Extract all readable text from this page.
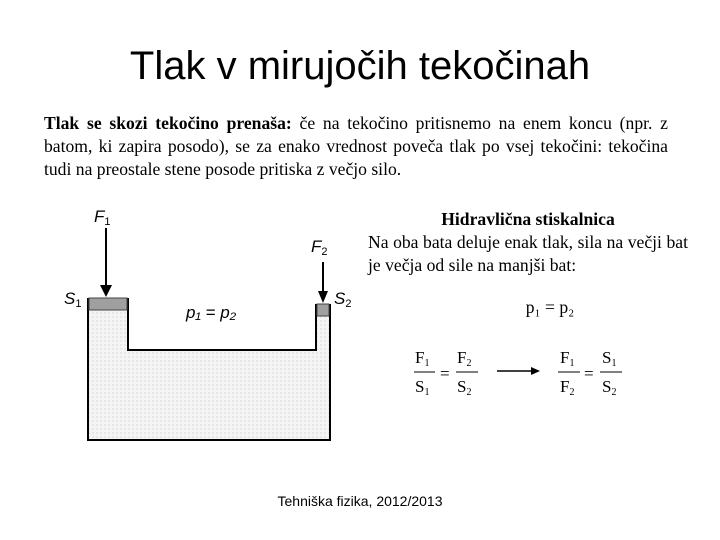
Tlak v mirujočih tekočinah
Tlak se skozi tekočino prenaša: če na tekočino pritisnemo na enem koncu (npr. z batom, ki zapira posodo), se za enako vrednost poveča tlak po vsej tekočini: tekočina tudi na preostale stene posode pritiska z večjo silo.
F1
F2
S1	S2
p₁ = p₂
F1
S1
=
F2
S2
F1
F2
=
S1
S2
Hidravlična stiskalnica
Na oba bata deluje enak tlak, sila na večji bat je večja od sile na manjši bat:
p₁ = p₂
Tehniška fizika, 2012/2013
